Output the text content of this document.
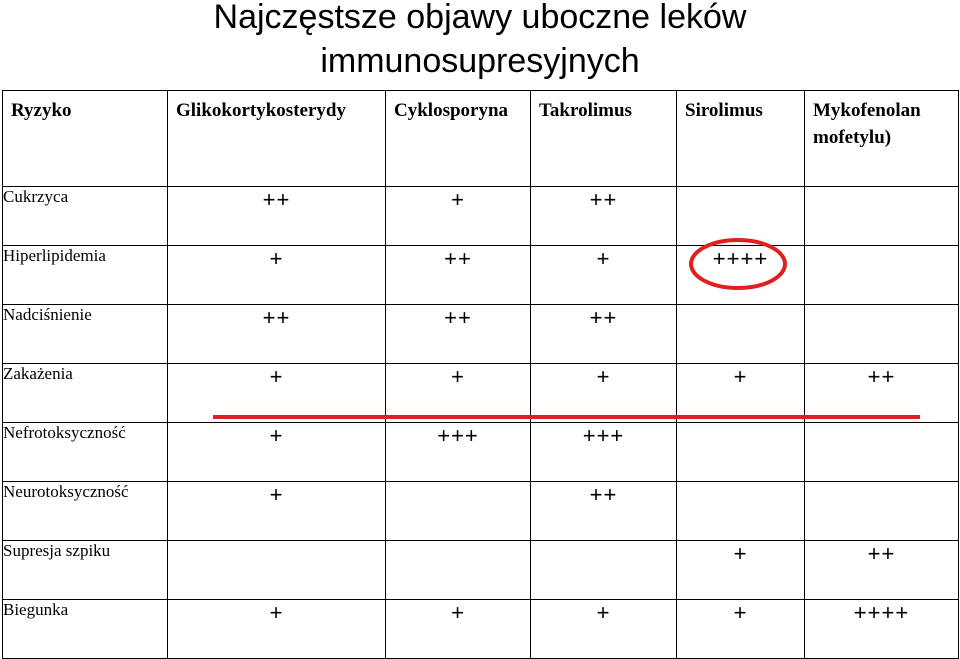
Najczęstsze objawy uboczne leków
immunosupresyjnych
Ryzyko	Glikokortykosterydy	Cyklosporyna	Takrolimus	Sirolimus	Mykofenolan mofetylu)
Cukrzyca	++	+	++		
Hiperlipidemia	+	++	+	++++	
Nadciśnienie	++	++	++		
Zakażenia	+	+	+	+	++
Nefrotoksyczność	+	+++	+++		
Neurotoksyczność	+		++		
Supresja szpiku				+	++
Biegunka	+	+	+	+	++++
